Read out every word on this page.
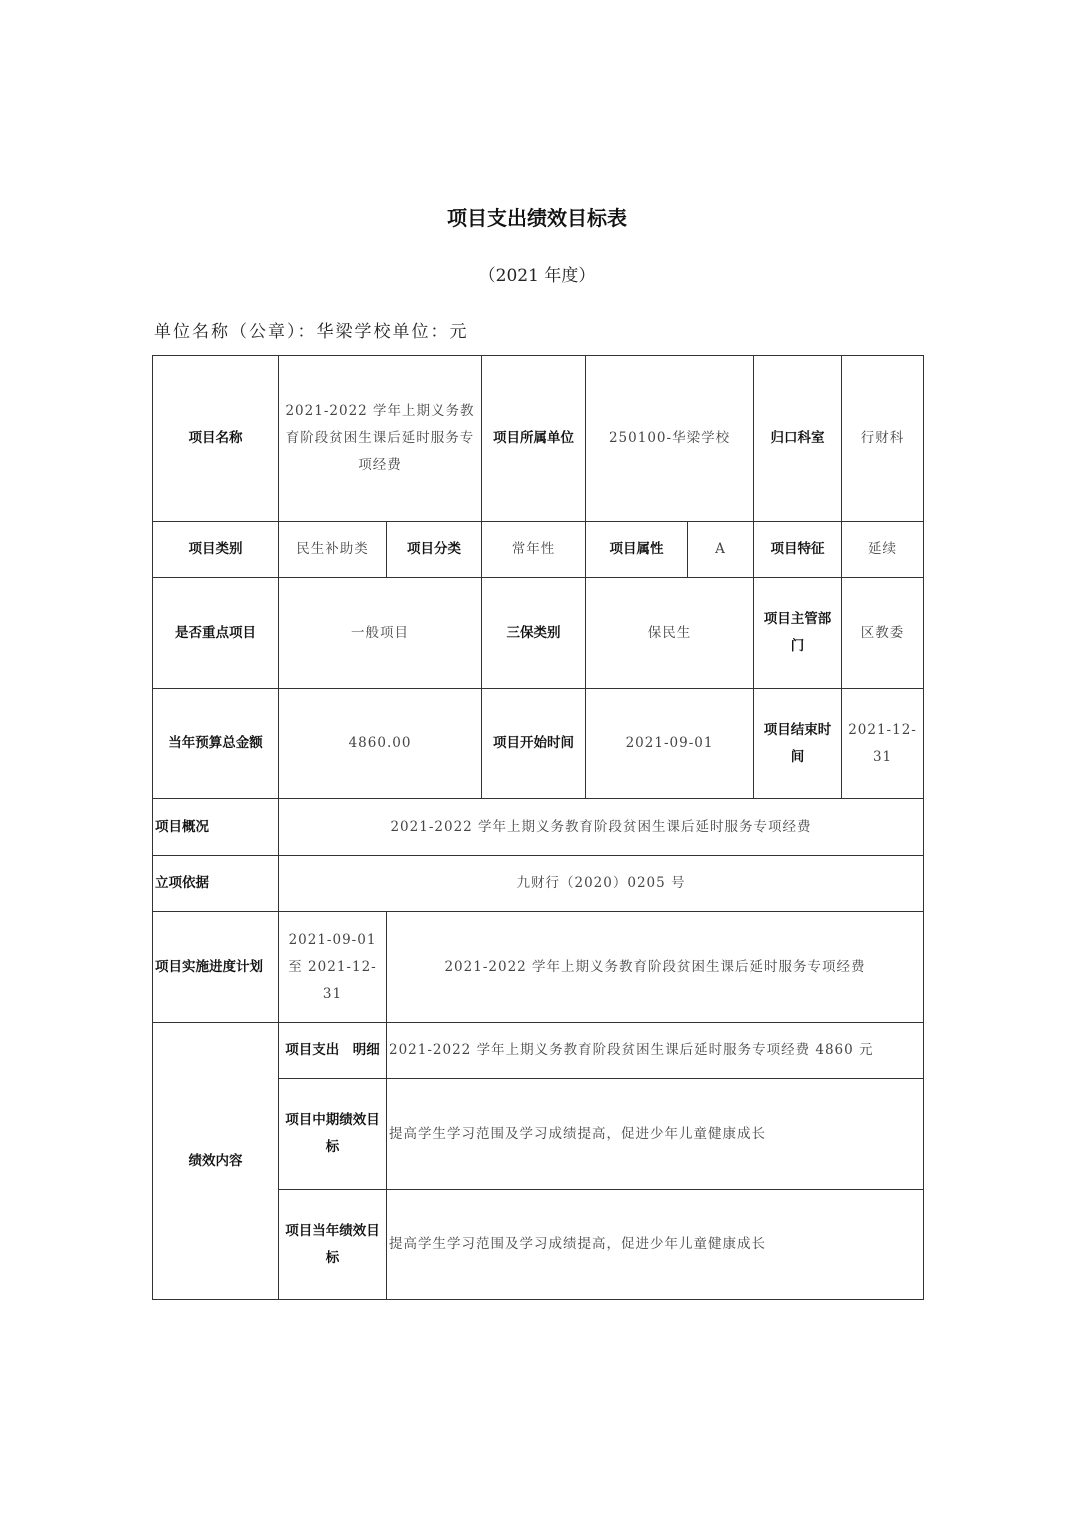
项目支出绩效目标表
（2021 年度）
单位名称（公章）：华梁学校单位：元
项目名称	2021-2022 学年上期义务教育阶段贫困生课后延时服务专项经费		项目所属单位	250100-华梁学校		归口科室	行财科
项目类别	民生补助类	项目分类	常年性	项目属性	A	项目特征	延续
是否重点项目	一般项目		三保类别	保民生		项目主管部门	区教委
当年预算总金额	4860.00		项目开始时间	2021-09-01		项目结束时间	2021-12-31
项目概况	2021-2022 学年上期义务教育阶段贫困生课后延时服务专项经费						
立项依据	九财行（2020）0205 号						
项目实施进度计划	2021-09-01 至 2021-12-31	2021-2022 学年上期义务教育阶段贫困生课后延时服务专项经费					
绩效内容	项目支出　明细	2021-2022 学年上期义务教育阶段贫困生课后延时服务专项经费 4860 元					
	项目中期绩效目标	提高学生学习范围及学习成绩提高，促进少年儿童健康成长					
	项目当年绩效目标	提高学生学习范围及学习成绩提高，促进少年儿童健康成长					
